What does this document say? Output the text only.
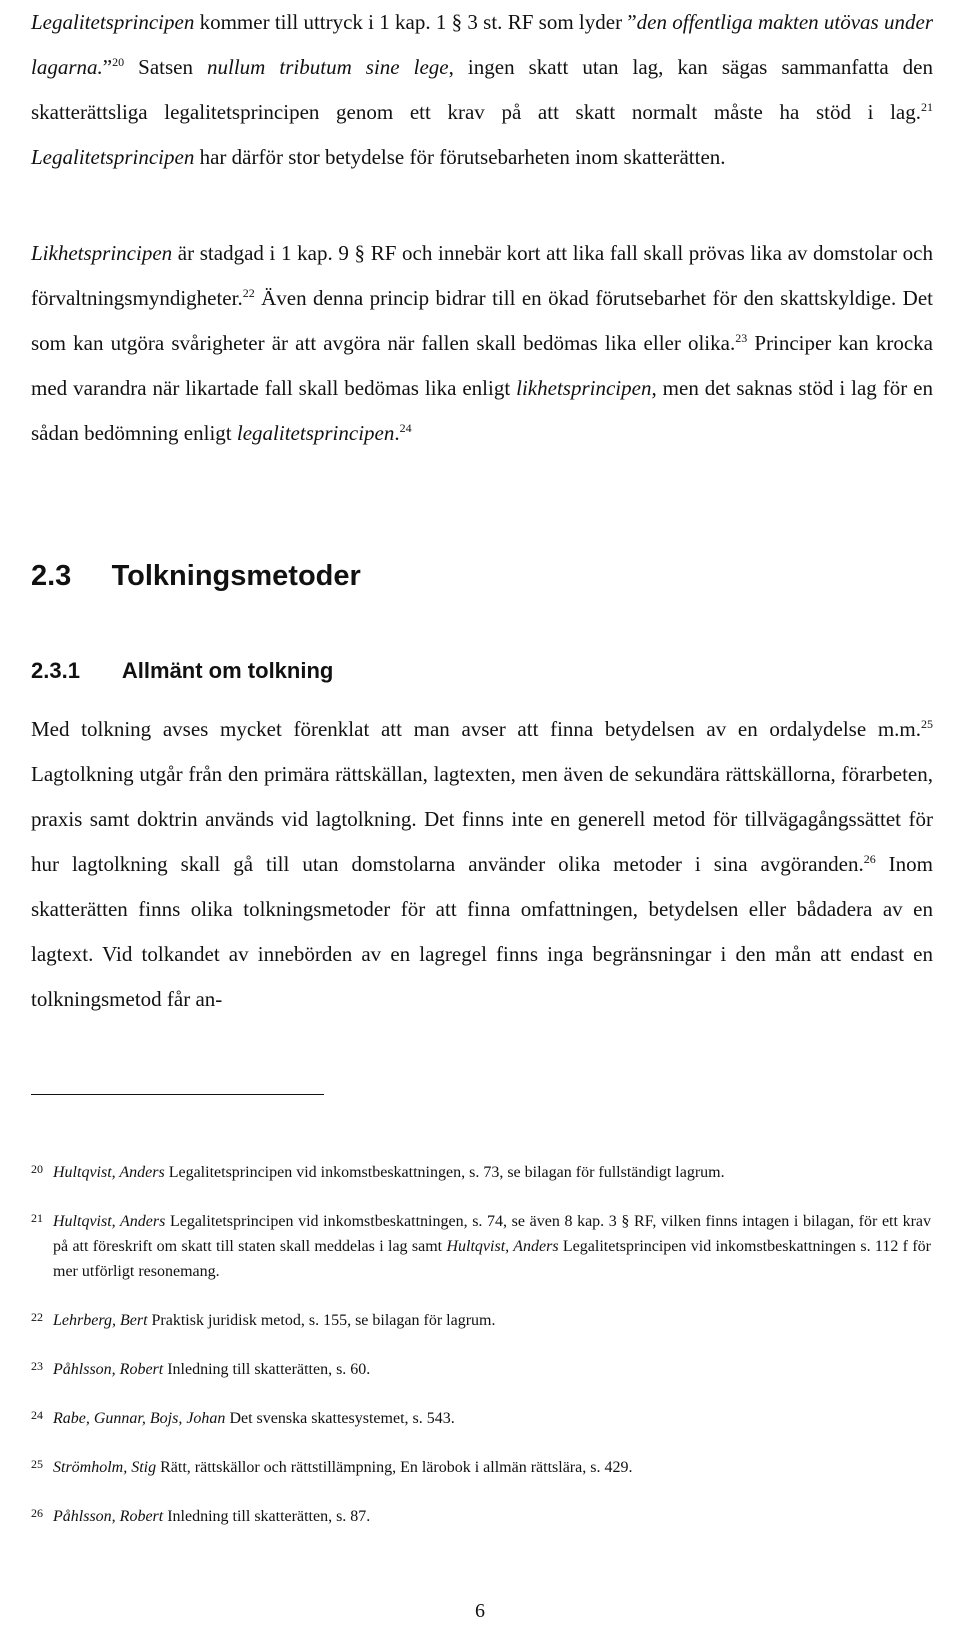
Legalitetsprincipen kommer till uttryck i 1 kap. 1 § 3 st. RF som lyder ”den offentliga makten utövas under lagarna.”$^{20}$ Satsen nullum tributum sine lege, ingen skatt utan lag, kan sägas sammanfatta den skatterättsliga legalitetsprincipen genom ett krav på att skatt normalt måste ha stöd i lag.$^{21}$ Legalitetsprincipen har därför stor betydelse för förutsebarheten inom skatterätten.

Likhetsprincipen är stadgad i 1 kap. 9 § RF och innebär kort att lika fall skall prövas lika av domstolar och förvaltningsmyndigheter.$^{22}$ Även denna princip bidrar till en ökad förutsebarhet för den skattskyldige. Det som kan utgöra svårigheter är att avgöra när fallen skall bedömas lika eller olika.$^{23}$ Principer kan krocka med varandra när likartade fall skall bedömas lika enligt likhetsprincipen, men det saknas stöd i lag för en sådan bedömning enligt legalitetsprincipen.$^{24}$

2.3     Tolkningsmetoder
2.3.1       Allmänt om tolkning

Med tolkning avses mycket förenklat att man avser att finna betydelsen av en ordalydelse m.m.$^{25}$ Lagtolkning utgår från den primära rättskällan, lagtexten, men även de sekundära rättskällorna, förarbeten, praxis samt doktrin används vid lagtolkning. Det finns inte en generell metod för tillvägagångssättet för hur lagtolkning skall gå till utan domstolarna använder olika metoder i sina avgöranden.$^{26}$ Inom skatterätten finns olika tolkningsmetoder för att finna omfattningen, betydelsen eller bådadera av en lagtext. Vid tolkandet av innebörden av en lagregel finns inga begränsningar i den mån att endast en tolkningsmetod får an-

20 Hultqvist, Anders Legalitetsprincipen vid inkomstbeskattningen, s. 73, se bilagan för fullständigt lagrum.

21 Hultqvist, Anders Legalitetsprincipen vid inkomstbeskattningen, s. 74, se även 8 kap. 3 § RF, vilken finns intagen i bilagan, för ett krav på att föreskrift om skatt till staten skall meddelas i lag samt Hultqvist, Anders Legalitetsprincipen vid inkomstbeskattningen s. 112 f för mer utförligt resonemang.

22 Lehrberg, Bert Praktisk juridisk metod, s. 155, se bilagan för lagrum.

23 Påhlsson, Robert Inledning till skatterätten, s. 60.

24 Rabe, Gunnar, Bojs, Johan Det svenska skattesystemet, s. 543.

25 Strömholm, Stig Rätt, rättskällor och rättstillämpning, En lärobok i allmän rättslära, s. 429.

26 Påhlsson, Robert Inledning till skatterätten, s. 87.

6
